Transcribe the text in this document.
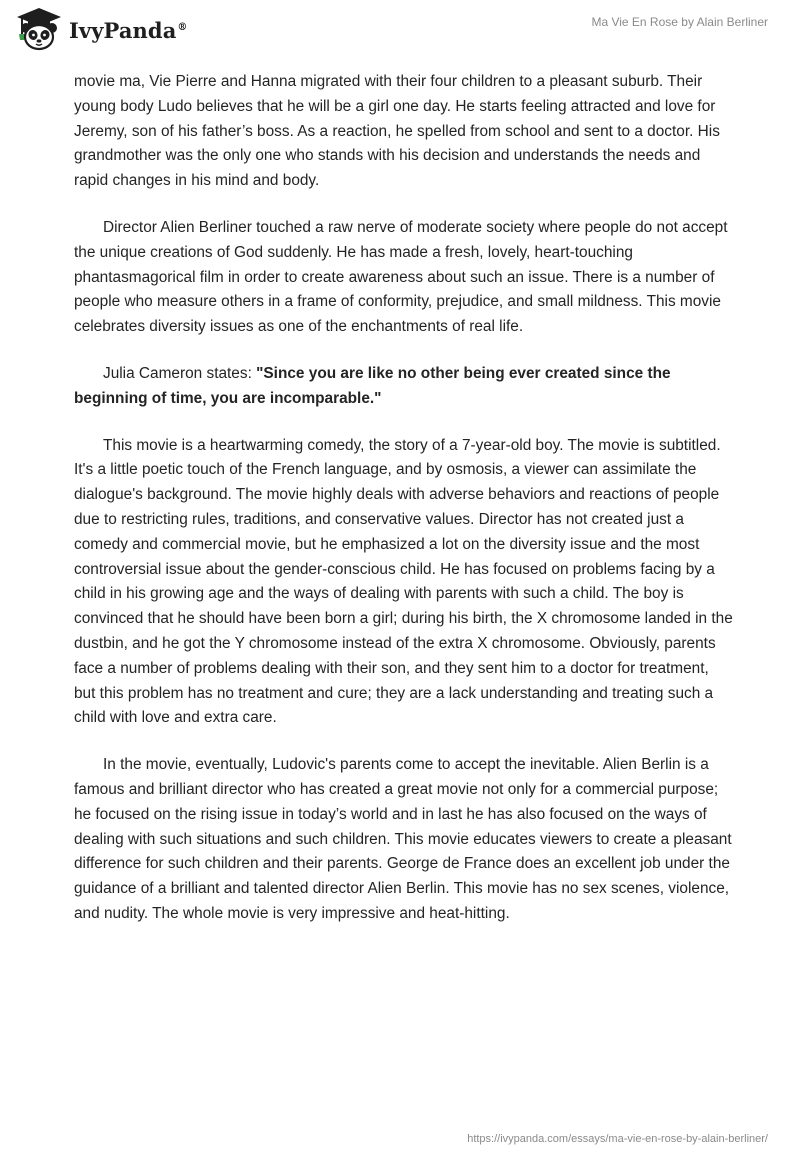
IvyPanda®	Ma Vie En Rose by Alain Berliner

movie ma, Vie Pierre and Hanna migrated with their four children to a pleasant suburb. Their young body Ludo believes that he will be a girl one day. He starts feeling attracted and love for Jeremy, son of his father’s boss. As a reaction, he spelled from school and sent to a doctor. His grandmother was the only one who stands with his decision and understands the needs and rapid changes in his mind and body.

Director Alien Berliner touched a raw nerve of moderate society where people do not accept the unique creations of God suddenly. He has made a fresh, lovely, heart-touching phantasmagorical film in order to create awareness about such an issue. There is a number of people who measure others in a frame of conformity, prejudice, and small mildness. This movie celebrates diversity issues as one of the enchantments of real life.

Julia Cameron states: "Since you are like no other being ever created since the beginning of time, you are incomparable."

This movie is a heartwarming comedy, the story of a 7-year-old boy. The movie is subtitled. It's a little poetic touch of the French language, and by osmosis, a viewer can assimilate the dialogue's background. The movie highly deals with adverse behaviors and reactions of people due to restricting rules, traditions, and conservative values. Director has not created just a comedy and commercial movie, but he emphasized a lot on the diversity issue and the most controversial issue about the gender-conscious child. He has focused on problems facing by a child in his growing age and the ways of dealing with parents with such a child. The boy is convinced that he should have been born a girl; during his birth, the X chromosome landed in the dustbin, and he got the Y chromosome instead of the extra X chromosome. Obviously, parents face a number of problems dealing with their son, and they sent him to a doctor for treatment, but this problem has no treatment and cure; they are a lack understanding and treating such a child with love and extra care.

In the movie, eventually, Ludovic's parents come to accept the inevitable. Alien Berlin is a famous and brilliant director who has created a great movie not only for a commercial purpose; he focused on the rising issue in today’s world and in last he has also focused on the ways of dealing with such situations and such children. This movie educates viewers to create a pleasant difference for such children and their parents. George de France does an excellent job under the guidance of a brilliant and talented director Alien Berlin. This movie has no sex scenes, violence, and nudity. The whole movie is very impressive and heat-hitting.

https://ivypanda.com/essays/ma-vie-en-rose-by-alain-berliner/
